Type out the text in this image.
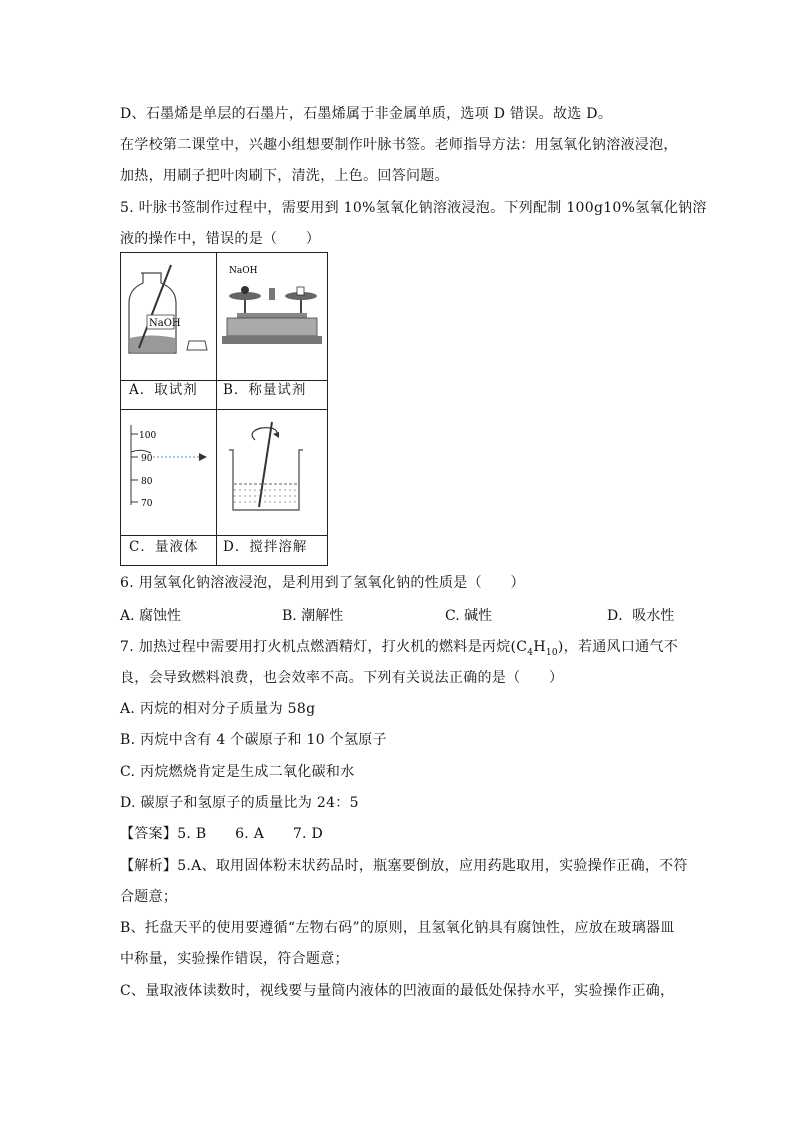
D、石墨烯是单层的石墨片，石墨烯属于非金属单质，选项 D 错误。故选 D。
在学校第二课堂中，兴趣小组想要制作叶脉书签。老师指导方法：用氢氧化钠溶液浸泡，
加热，用刷子把叶肉刷下，清洗，上色。回答问题。
5. 叶脉书签制作过程中，需要用到 10%氢氧化钠溶液浸泡。下列配制 100g10%氢氧化钠溶
液的操作中，错误的是（　　）
NaOH
NaOH
A．取试剂 B．称量试剂
100
90
80
70
C．量液体 D．搅拌溶解
6. 用氢氧化钠溶液浸泡，是利用到了氢氧化钠的性质是（　　）
A. 腐蚀性	B. 潮解性	C. 碱性	D．吸水性
7. 加热过程中需要用打火机点燃酒精灯，打火机的燃料是丙烷$(C_4H_{10})$，若通风口通气不
良，会导致燃料浪费，也会效率不高。下列有关说法正确的是（　　）
A. 丙烷的相对分子质量为 58g
B. 丙烷中含有 4 个碳原子和 10 个氢原子
C. 丙烷燃烧肯定是生成二氧化碳和水
D. 碳原子和氢原子的质量比为 24：5
【答案】5. B　　6. A　　7. D
【解析】5.A、取用固体粉末状药品时，瓶塞要倒放，应用药匙取用，实验操作正确，不符
合题意；
B、托盘天平的使用要遵循“左物右码”的原则，且氢氧化钠具有腐蚀性，应放在玻璃器皿
中称量，实验操作错误，符合题意；
C、量取液体读数时，视线要与量筒内液体的凹液面的最低处保持水平，实验操作正确，
